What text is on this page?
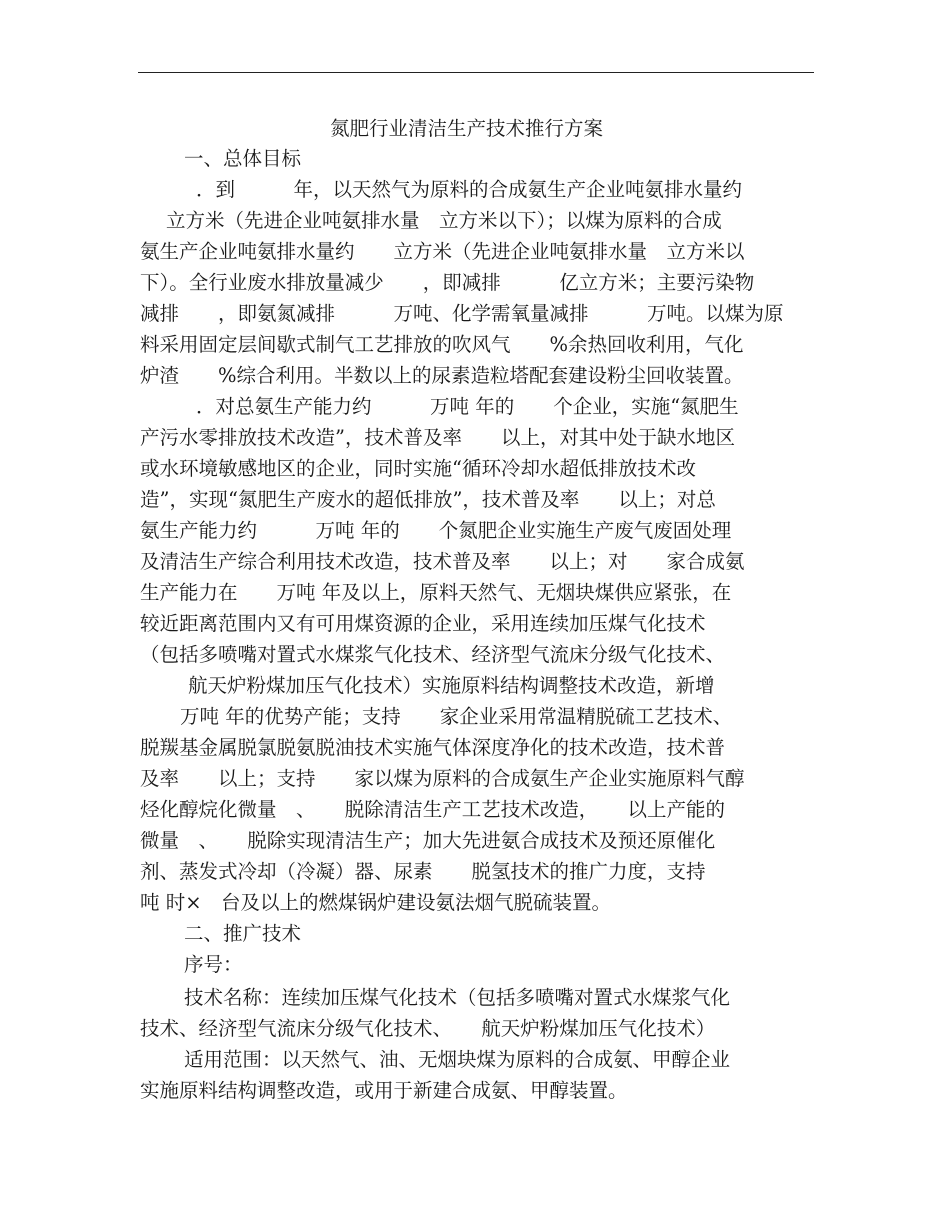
氮肥行业清洁生产技术推行方案
一、总体目标
．到　　　年，以天然气为原料的合成氨生产企业吨氨排水量约
立方米（先进企业吨氨排水量　立方米以下）；以煤为原料的合成
氨生产企业吨氨排水量约　　立方米（先进企业吨氨排水量　立方米以
下）。全行业废水排放量减少　　，即减排　　　亿立方米；主要污染物
减排　　，即氨氮减排　　　万吨、化学需氧量减排　　　万吨。以煤为原
料采用固定层间歇式制气工艺排放的吹风气　　%余热回收利用，气化
炉渣　　%综合利用。半数以上的尿素造粒塔配套建设粉尘回收装置。
．对总氨生产能力约　　　万吨 年的　　个企业，实施“氮肥生
产污水零排放技术改造”，技术普及率　　以上，对其中处于缺水地区
或水环境敏感地区的企业，同时实施“循环冷却水超低排放技术改
造”，实现“氮肥生产废水的超低排放”，技术普及率　　以上；对总
氨生产能力约　　　万吨 年的　　个氮肥企业实施生产废气废固处理
及清洁生产综合利用技术改造，技术普及率　　以上；对　　家合成氨
生产能力在　　万吨 年及以上，原料天然气、无烟块煤供应紧张，在
较近距离范围内又有可用煤资源的企业，采用连续加压煤气化技术
（包括多喷嘴对置式水煤浆气化技术、经济型气流床分级气化技术、
航天炉粉煤加压气化技术）实施原料结构调整技术改造，新增
万吨 年的优势产能；支持　　家企业采用常温精脱硫工艺技术、
脱羰基金属脱氯脱氨脱油技术实施气体深度净化的技术改造，技术普
及率　　以上；支持　　家以煤为原料的合成氨生产企业实施原料气醇
烃化醇烷化微量　、　　脱除清洁生产工艺技术改造，　　以上产能的
微量　、　　脱除实现清洁生产；加大先进氨合成技术及预还原催化
剂、蒸发式冷却（冷凝）器、尿素　　脱氢技术的推广力度，支持
吨 时×　台及以上的燃煤锅炉建设氨法烟气脱硫装置。
二、推广技术
序号：
技术名称：连续加压煤气化技术（包括多喷嘴对置式水煤浆气化
技术、经济型气流床分级气化技术、　　航天炉粉煤加压气化技术）
适用范围：以天然气、油、无烟块煤为原料的合成氨、甲醇企业
实施原料结构调整改造，或用于新建合成氨、甲醇装置。
